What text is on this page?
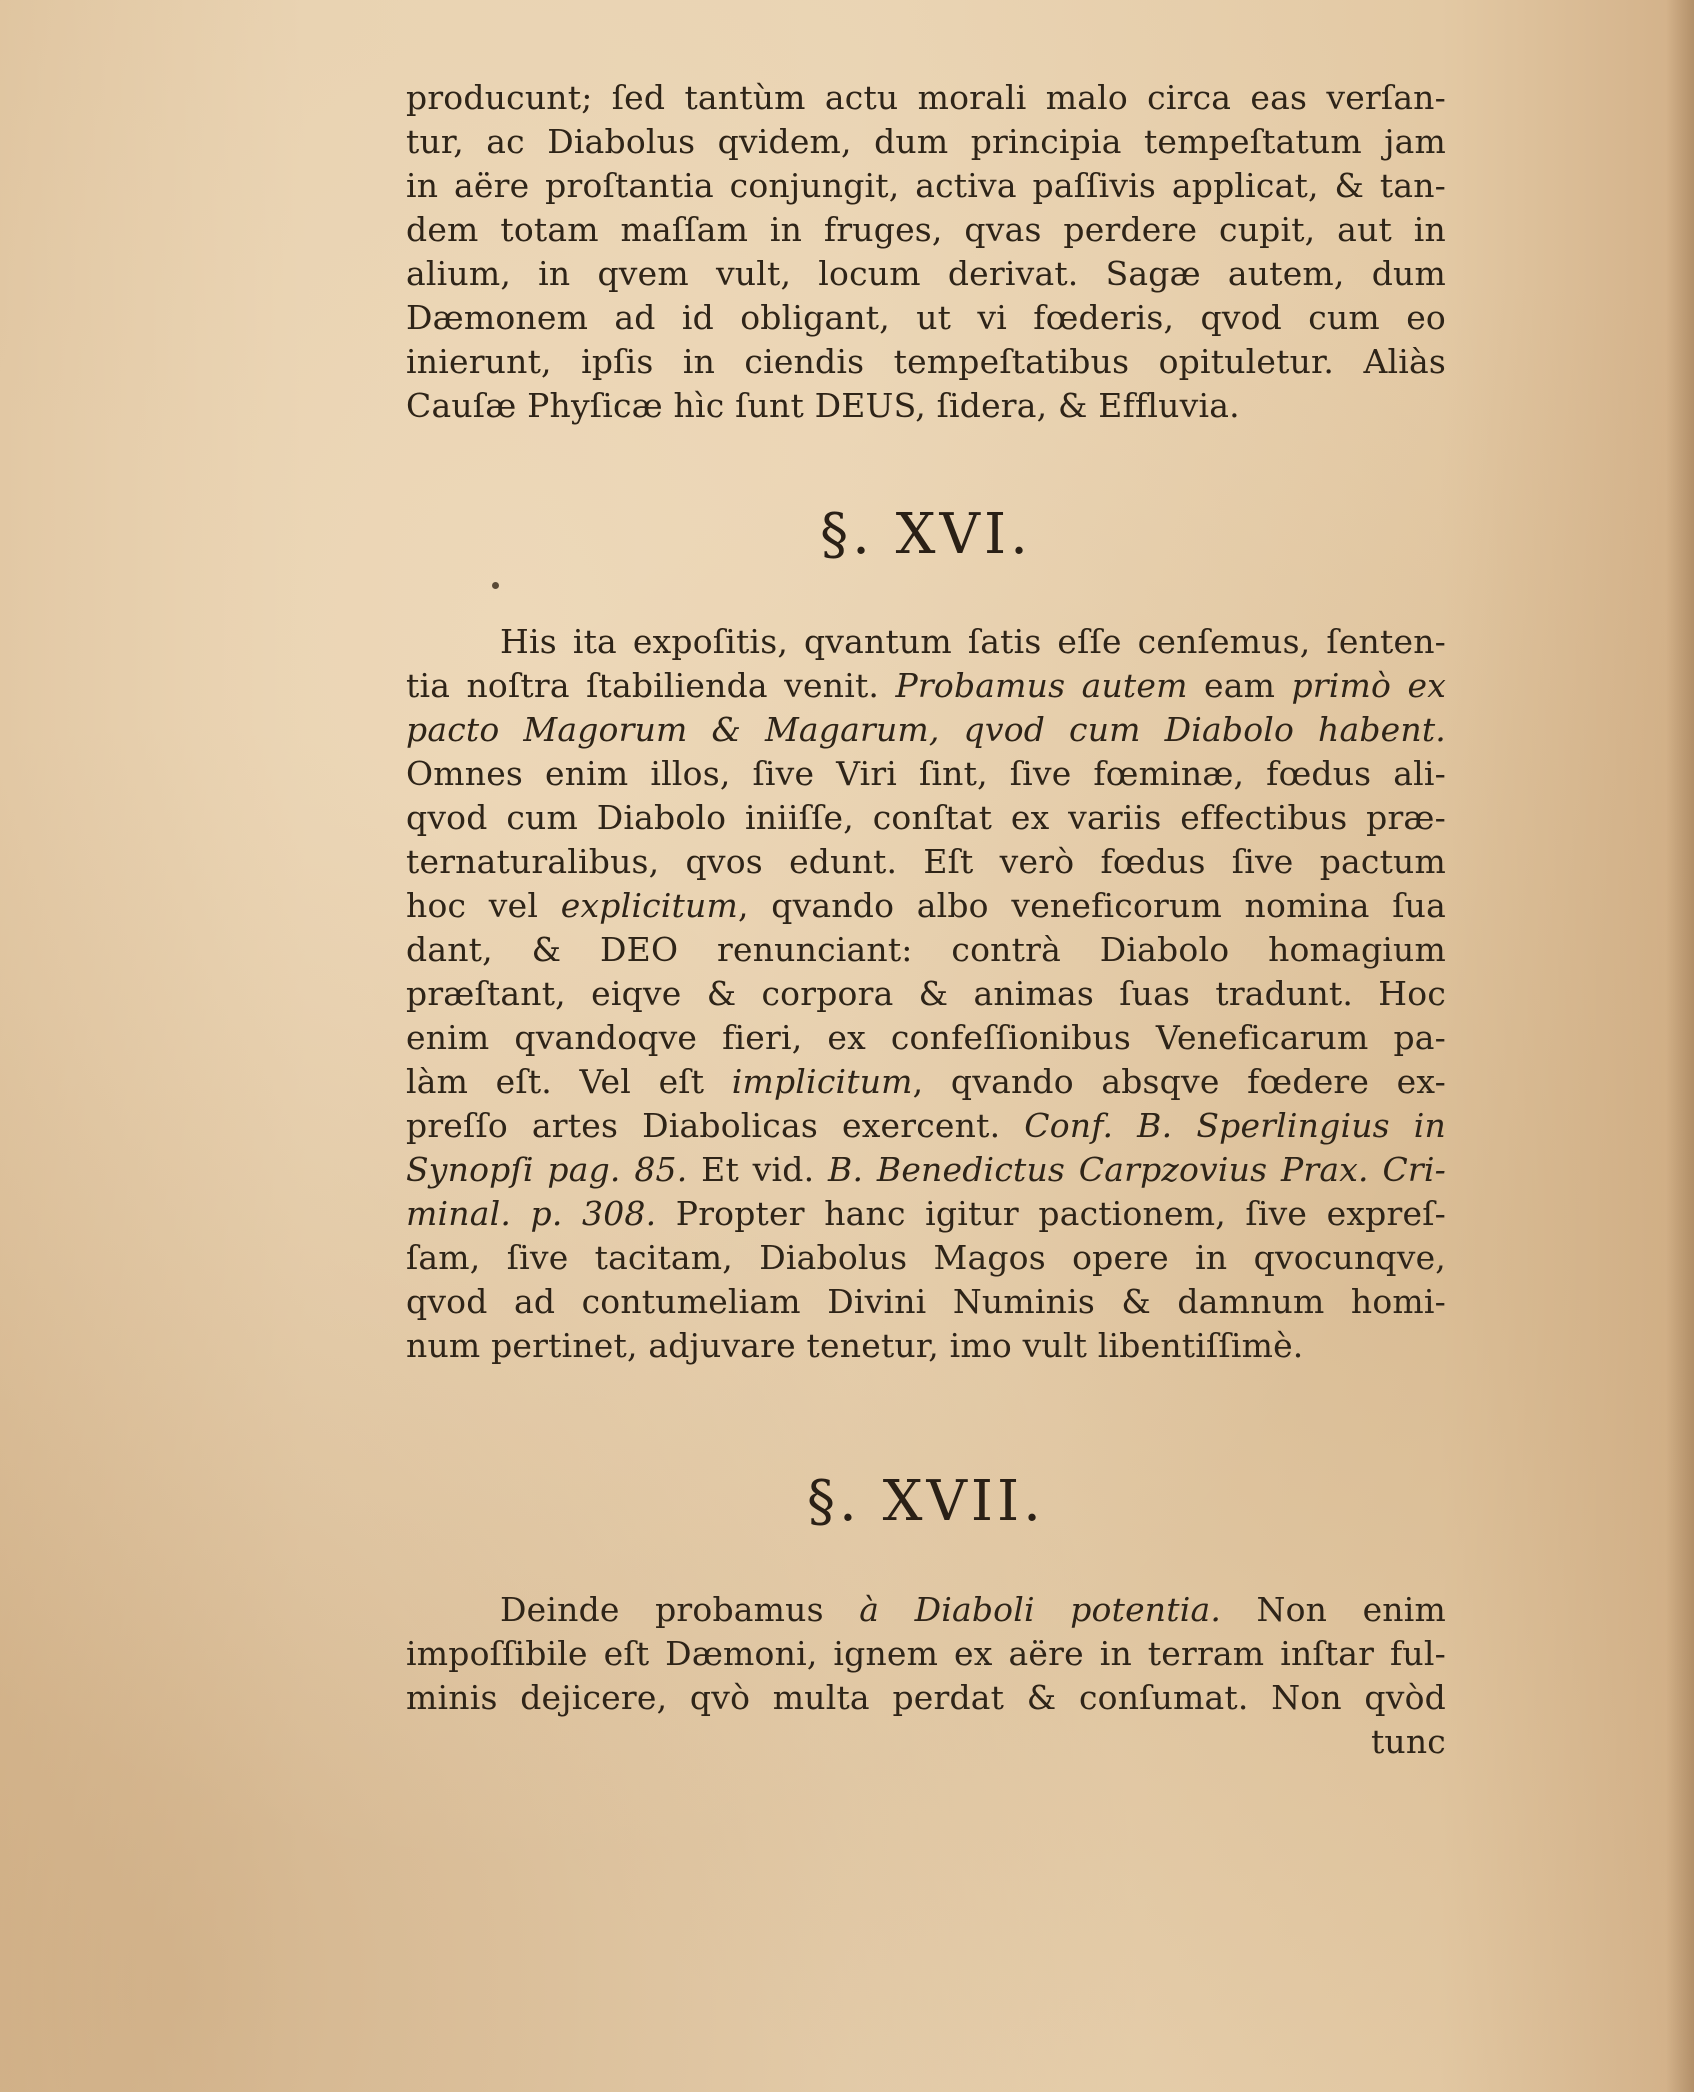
producunt; ſed tantùm actu morali malo circa eas verſan-
tur, ac Diabolus qvidem, dum principia tempeſtatum jam
in aëre proſtantia conjungit, activa paſſivis applicat, & tan-
dem totam maſſam in fruges, qvas perdere cupit, aut in
alium, in qvem vult, locum derivat. Sagæ autem, dum
Dæmonem ad id obligant, ut vi fœderis, qvod cum eo
inierunt, ipſis in ciendis tempeſtatibus opituletur. Aliàs
Cauſæ Phyſicæ hìc ſunt DEUS, ſidera, & Effluvia.
§. XVI.
His ita expoſitis, qvantum ſatis eſſe cenſemus, ſenten-
tia noſtra ſtabilienda venit. Probamus autem eam primò ex
pacto Magorum & Magarum, qvod cum Diabolo habent.
Omnes enim illos, ſive Viri ſint, ſive fœminæ, fœdus ali-
qvod cum Diabolo iniiſſe, conſtat ex variis effectibus præ-
ternaturalibus, qvos edunt. Eſt verò fœdus ſive pactum
hoc vel explicitum, qvando albo veneficorum nomina ſua
dant, & DEO renunciant: contrà Diabolo homagium
præſtant, eiqve & corpora & animas ſuas tradunt. Hoc
enim qvandoqve fieri, ex confeſſionibus Veneficarum pa-
làm eſt. Vel eſt implicitum, qvando absqve fœdere ex-
preſſo artes Diabolicas exercent. Conf. B. Sperlingius in
Synopſi pag. 85. Et vid. B. Benedictus Carpzovius Prax. Cri-
minal. p. 308. Propter hanc igitur pactionem, ſive expreſ-
ſam, ſive tacitam, Diabolus Magos opere in qvocunqve,
qvod ad contumeliam Divini Numinis & damnum homi-
num pertinet, adjuvare tenetur, imo vult libentiſſimè.
§. XVII.
Deinde probamus à Diaboli potentia. Non enim
impoſſibile eſt Dæmoni, ignem ex aëre in terram inſtar ful-
minis dejicere, qvò multa perdat & conſumat. Non qvòd
tunc
